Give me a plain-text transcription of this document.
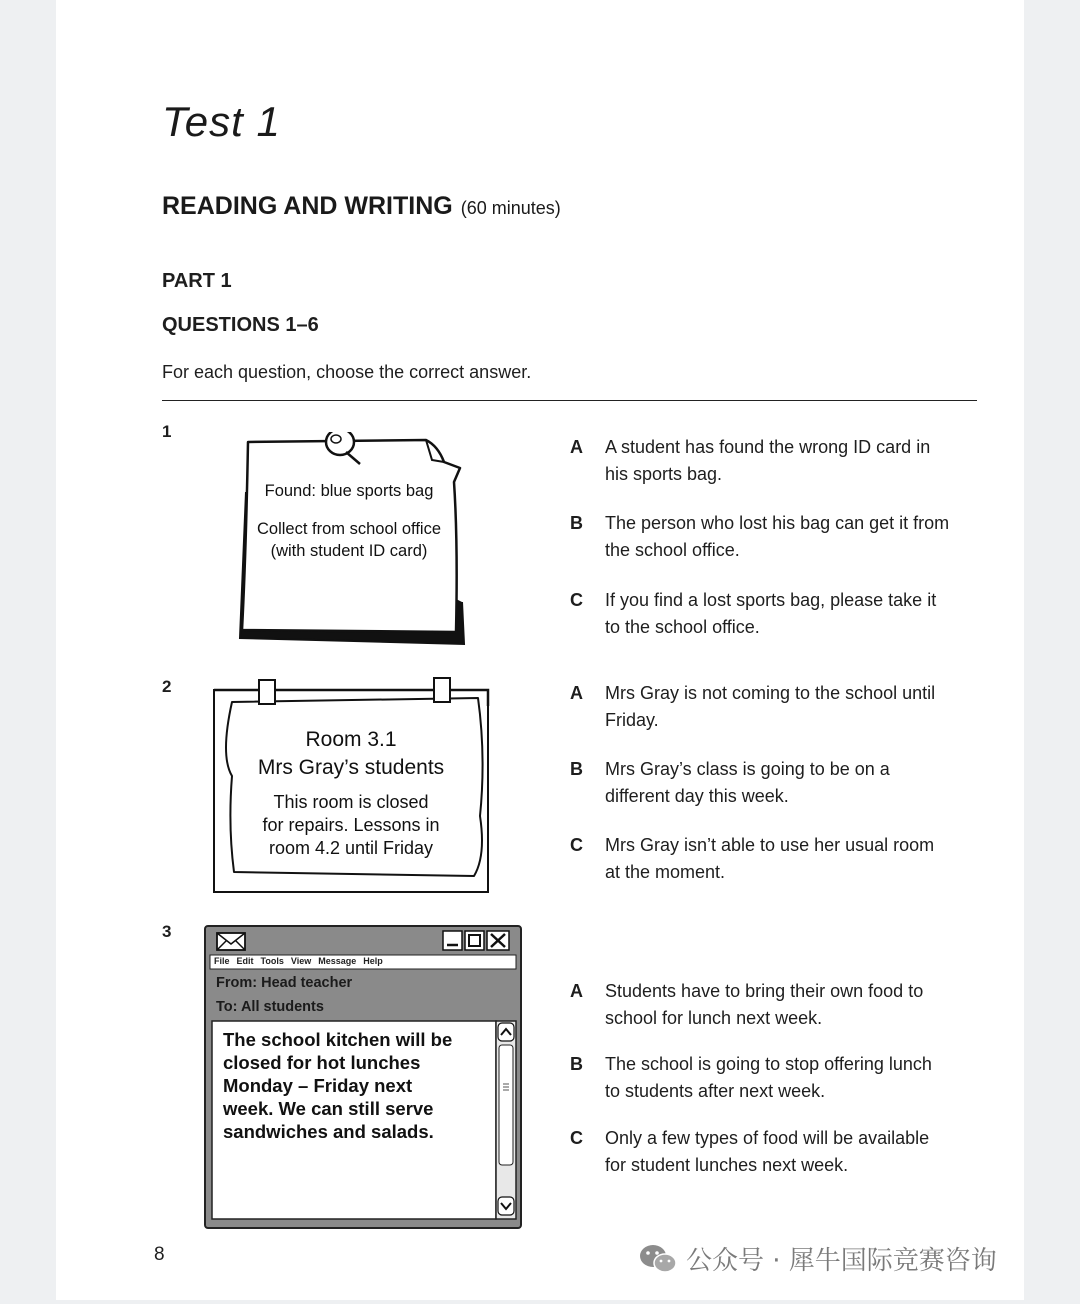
Test 1
READING AND WRITING (60 minutes)
PART 1
QUESTIONS 1–6
For each question, choose the correct answer.
1
Found: blue sports bag
Collect from school office
(with student ID card)
A A student has found the wrong ID card in his sports bag.
B The person who lost his bag can get it from the school office.
C If you find a lost sports bag, please take it to the school office.
2
Room 3.1
Mrs Gray’s students
This room is closed
for repairs. Lessons in
room 4.2 until Friday
A Mrs Gray is not coming to the school until Friday.
B Mrs Gray’s class is going to be on a different day this week.
C Mrs Gray isn’t able to use her usual room at the moment.
3
File Edit Tools View Message Help
From: Head teacher
To: All students
The school kitchen will be
closed for hot lunches
Monday – Friday next
week. We can still serve
sandwiches and salads.
A Students have to bring their own food to school for lunch next week.
B The school is going to stop offering lunch to students after next week.
C Only a few types of food will be available for student lunches next week.
8	公众号 · 犀牛国际竞赛咨询
